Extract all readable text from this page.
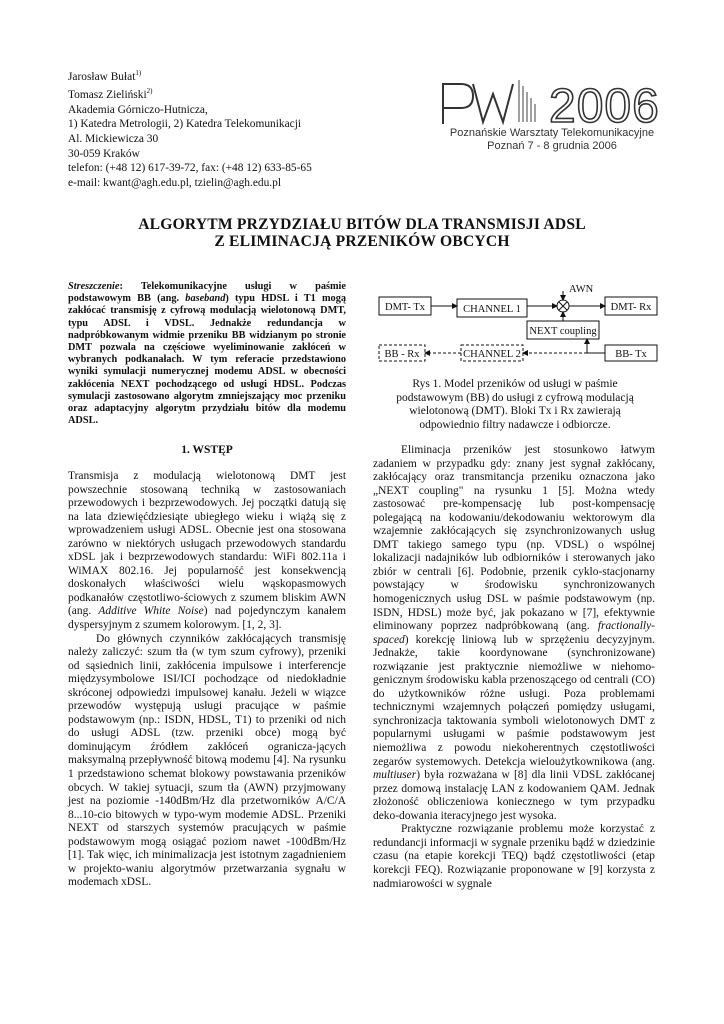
Jarosław Bułat$^{1)}$
Tomasz Zieliński$^{2)}$
Akademia Górniczo-Hutnicza,
1) Katedra Metrologii, 2) Katedra Telekomunikacji
Al. Mickiewicza 30
30-059 Kraków
telefon: (+48 12) 617-39-72, fax: (+48 12) 633-85-65
e-mail: kwant@agh.edu.pl, tzielin@agh.edu.pl
2006
Poznańskie Warsztaty Telekomunikacyjne
Poznań 7 - 8 grudnia 2006
ALGORYTM PRZYDZIAŁU BITÓW DLA TRANSMISJI ADSL
Z ELIMINACJĄ PRZENIKÓW OBCYCH
Streszczenie: Telekomunikacyjne usługi w paśmie podstawowym BB (ang. baseband) typu HDSL i T1 mogą zakłócać transmisję z cyfrową modulacją wielotonową DMT, typu ADSL i VDSL. Jednakże redundancja w nadpróbkowanym widmie przeniku BB widzianym po stronie DMT pozwala na częściowe wyeliminowanie zakłóceń w wybranych podkanałach. W tym referacie przedstawiono wyniki symulacji numerycznej modemu ADSL w obecności zakłócenia NEXT pochodzącego od usługi HDSL. Podczas symulacji zastosowano algorytm zmniejszający moc przeniku oraz adaptacyjny algorytm przydziału bitów dla modemu ADSL.
1. WSTĘP

Transmisja z modulacją wielotonową DMT jest powszechnie stosowaną techniką w zastosowaniach przewodowych i bezprzewodowych. Jej początki datują się na lata dziewięćdziesiąte ubiegłego wieku i wiążą się z wprowadzeniem usługi ADSL. Obecnie jest ona stosowana zarówno w niektórych usługach przewodowych standardu xDSL jak i bezprzewodowych standardu: WiFi 802.11a i WiMAX 802.16. Jej popularność jest konsekwencją doskonałych właściwości wielu wąskopasmowych podkanałów częstotliwo-ściowych z szumem bliskim AWN (ang. Additive White Noise) nad pojedynczym kanałem dyspersyjnym z szumem kolorowym. [1, 2, 3].

Do głównych czynników zakłócających transmisję należy zaliczyć: szum tła (w tym szum cyfrowy), przeniki od sąsiednich linii, zakłócenia impulsowe i interferencje międzysymbolowe ISI/ICI pochodzące od niedokładnie skróconej odpowiedzi impulsowej kanału. Jeżeli w wiązce przewodów występują usługi pracujące w paśmie podstawowym (np.: ISDN, HDSL, T1) to przeniki od nich do usługi ADSL (tzw. przeniki obce) mogą być dominującym źródłem zakłóceń ogranicza-jących maksymalną przepływność bitową modemu [4]. Na rysunku 1 przedstawiono schemat blokowy powstawania przeników obcych. W takiej sytuacji, szum tła (AWN) przyjmowany jest na poziomie -140dBm/Hz dla przetworników A/C/A 8...10-cio bitowych w typo-wym modemie ADSL. Przeniki NEXT od starszych systemów pracujących w paśmie podstawowym mogą osiągać poziom nawet -100dBm/Hz [1]. Tak więc, ich minimalizacja jest istotnym zagadnieniem w projekto-waniu algorytmów przetwarzania sygnału w modemach xDSL.

DMT- Tx	CHANNEL 1
AWN
DMT- Rx
NEXT coupling
BB - Rx	CHANNEL 2	BB- Tx
Rys 1. Model przeników od usługi w paśmie podstawowym (BB) do usługi z cyfrową modulacją wielotonową (DMT). Bloki Tx i Rx zawierają odpowiednio filtry nadawcze i odbiorcze.

Eliminacja przeników jest stosunkowo łatwym zadaniem w przypadku gdy: znany jest sygnał zakłócany, zakłócający oraz transmitancja przeniku oznaczona jako „NEXT coupling" na rysunku 1 [5]. Można wtedy zastosować pre-kompensację lub post-kompensację polegającą na kodowaniu/dekodowaniu wektorowym dla wzajemnie zakłócających się zsynchronizowanych usług DMT takiego samego typu (np. VDSL) o wspólnej lokalizacji nadajników lub odbiorników i sterowanych jako zbiór w centrali [6]. Podobnie, przenik cyklo-stacjonarny powstający w środowisku synchronizowanych homogenicznych usług DSL w paśmie podstawowym (np. ISDN, HDSL) może być, jak pokazano w [7], efektywnie eliminowany poprzez nadpróbkowaną (ang. fractionally-spaced) korekcję liniową lub w sprzężeniu decyzyjnym. Jednakże, takie koordynowane (synchronizowane) rozwiązanie jest praktycznie niemożliwe w niehomo-genicznym środowisku kabla przenoszącego od centrali (CO) do użytkowników różne usługi. Poza problemami technicznymi wzajemnych połączeń pomiędzy usługami, synchronizacja taktowania symboli wielotonowych DMT z popularnymi usługami w paśmie podstawowym jest niemożliwa z powodu niekoherentnych częstotliwości zegarów systemowych. Detekcja wieloużytkownikowa (ang. multiuser) była rozważana w [8] dla linii VDSL zakłócanej przez domową instalację LAN z kodowaniem QAM. Jednak złożoność obliczeniowa koniecznego w tym przypadku deko-dowania iteracyjnego jest wysoka.

Praktyczne rozwiązanie problemu może korzystać z redundancji informacji w sygnale przeniku bądź w dziedzinie czasu (na etapie korekcji TEQ) bądź częstotliwości (etap korekcji FEQ). Rozwiązanie proponowane w [9] korzysta z nadmiarowości w sygnale
